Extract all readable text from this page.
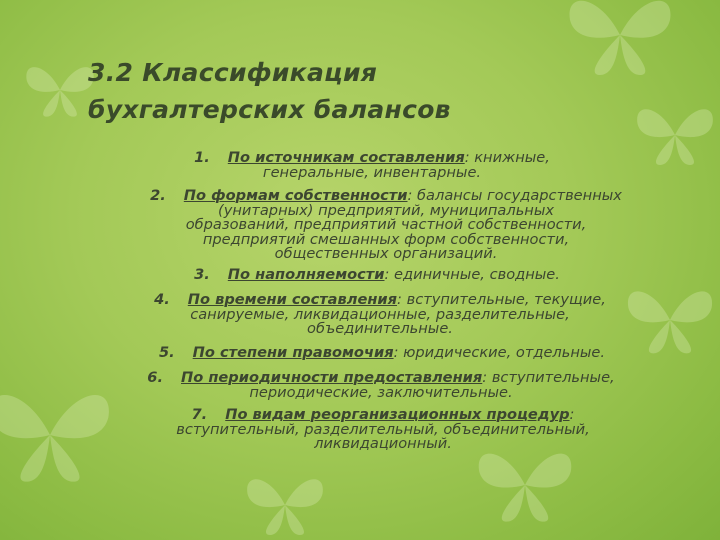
3.2 Классификация
бухгалтерских балансов
1. По источникам составления: книжные,
генеральные, инвентарные.
2. По формам собственности: балансы государственных
(унитарных) предприятий, муниципальных
образований, предприятий частной собственности,
предприятий смешанных форм собственности,
общественных организаций.
3. По наполняемости: единичные, сводные.
4. По времени составления: вступительные, текущие,
санируемые, ликвидационные, разделительные,
объединительные.
5. По степени правомочия: юридические, отдельные.
6. По периодичности предоставления: вступительные,
периодические, заключительные.
7. По видам реорганизационных процедур:
вступительный, разделительный, объединительный,
ликвидационный.
